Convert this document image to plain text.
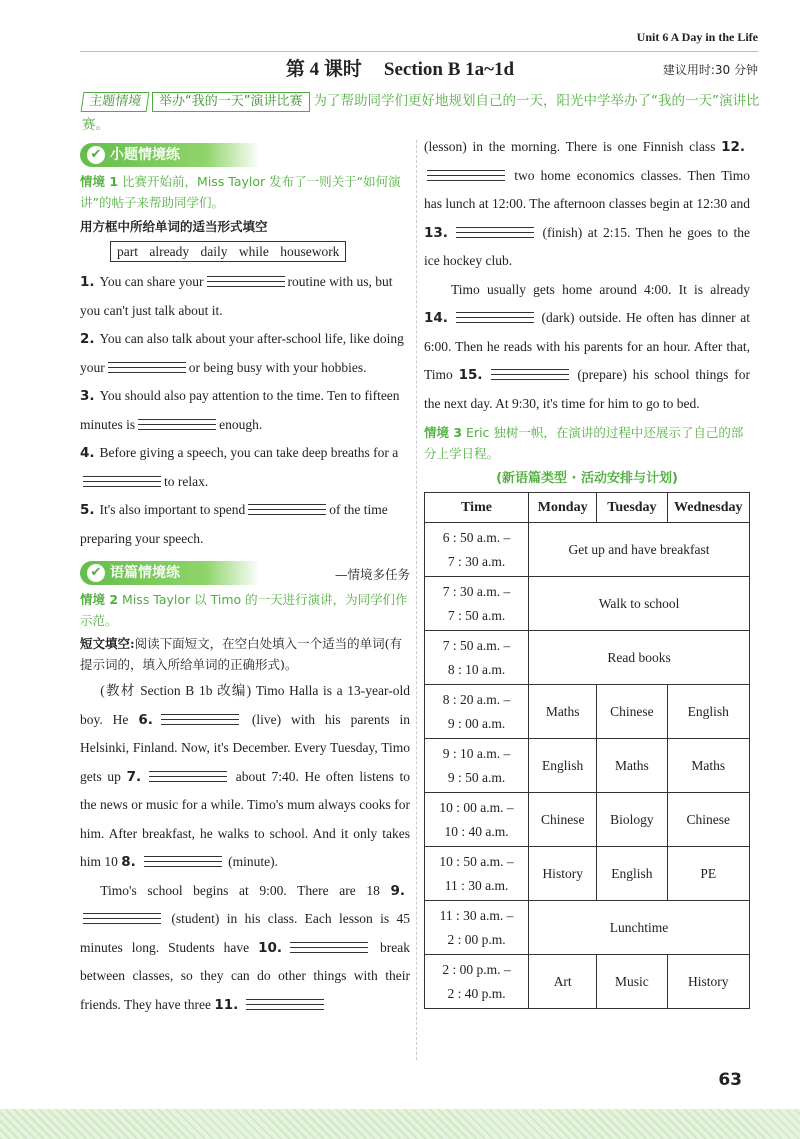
Unit 6 A Day in the Life
第 4 课时 Section B 1a~1d	建议用时:30 分钟
主题情境 举办“我的一天”演讲比赛 为了帮助同学们更好地规划自己的一天，阳光中学举办了“我的一天”演讲比赛。
✔ 小题情境练
情境 1 比赛开始前，Miss Taylor 发布了一则关于“如何演讲”的帖子来帮助同学们。
用方框中所给单词的适当形式填空
part already daily while housework
1. You can share your	routine with us, but you can't just talk about it.
2. You can also talk about your after-school life, like doing your	or being busy with your hobbies.
3. You should also pay attention to the time. Ten to fifteen minutes is	enough.
4. Before giving a speech, you can take deep breaths for ato relax.
5. It's also important to spend	of the time preparing your speech.
✔ 语篇情境练	—情境多任务
情境 2 Miss Taylor 以 Timo 的一天进行演讲，为同学们作示范。
短文填空:阅读下面短文，在空白处填入一个适当的单词(有提示词的，填入所给单词的正确形式)。
(教材 Section B 1b 改编) Timo Halla is a 13-year-old boy. He 6.	(live) with his parents in Helsinki, Finland. Now, it's December. Every Tuesday, Timo gets up 7.	about 7:40. He often listens to the news or music for a while. Timo's mum always cooks for him. After breakfast, he walks to school. And it only takes him 10 8.	(minute).
Timo's school begins at 9:00. There are 18 9. (student) in his class. Each lesson is 45 minutes long. Students have 10.	break between classes, so they can do other things with their friends. They have three 11.
(lesson) in the morning. There is one Finnish class 12. two home economics classes. Then Timo has lunch at 12:00. The afternoon classes begin at 12:30 and 13.	(finish) at 2:15. Then he goes to the ice hockey club.
Timo usually gets home around 4:00. It is already 14.	(dark) outside. He often has dinner at 6:00. Then he reads with his parents for an hour. After that, Timo 15.	(prepare) his school things for the next day. At 9:30, it's time for him to go to bed.
情境 3 Eric 独树一帜，在演讲的过程中还展示了自己的部分上学日程。
(新语篇类型 · 活动安排与计划)
Time	Monday	Tuesday	Wednesday

6 : 50 a.m. –
7 : 30 a.m.	Get up and have breakfast		

7 : 30 a.m. –
7 : 50 a.m.	Walk to school		

7 : 50 a.m. –
8 : 10 a.m.	Read books		

8 : 20 a.m. –
9 : 00 a.m.	Maths	Chinese	English

9 : 10 a.m. –
9 : 50 a.m.	English	Maths	Maths

10 : 00 a.m. –
10 : 40 a.m.	Chinese	Biology	Chinese

10 : 50 a.m. –
11 : 30 a.m.	History	English	PE

11 : 30 a.m. –
2 : 00 p.m.	Lunchtime		

2 : 00 p.m. –
2 : 40 p.m.	Art	Music	History
63
